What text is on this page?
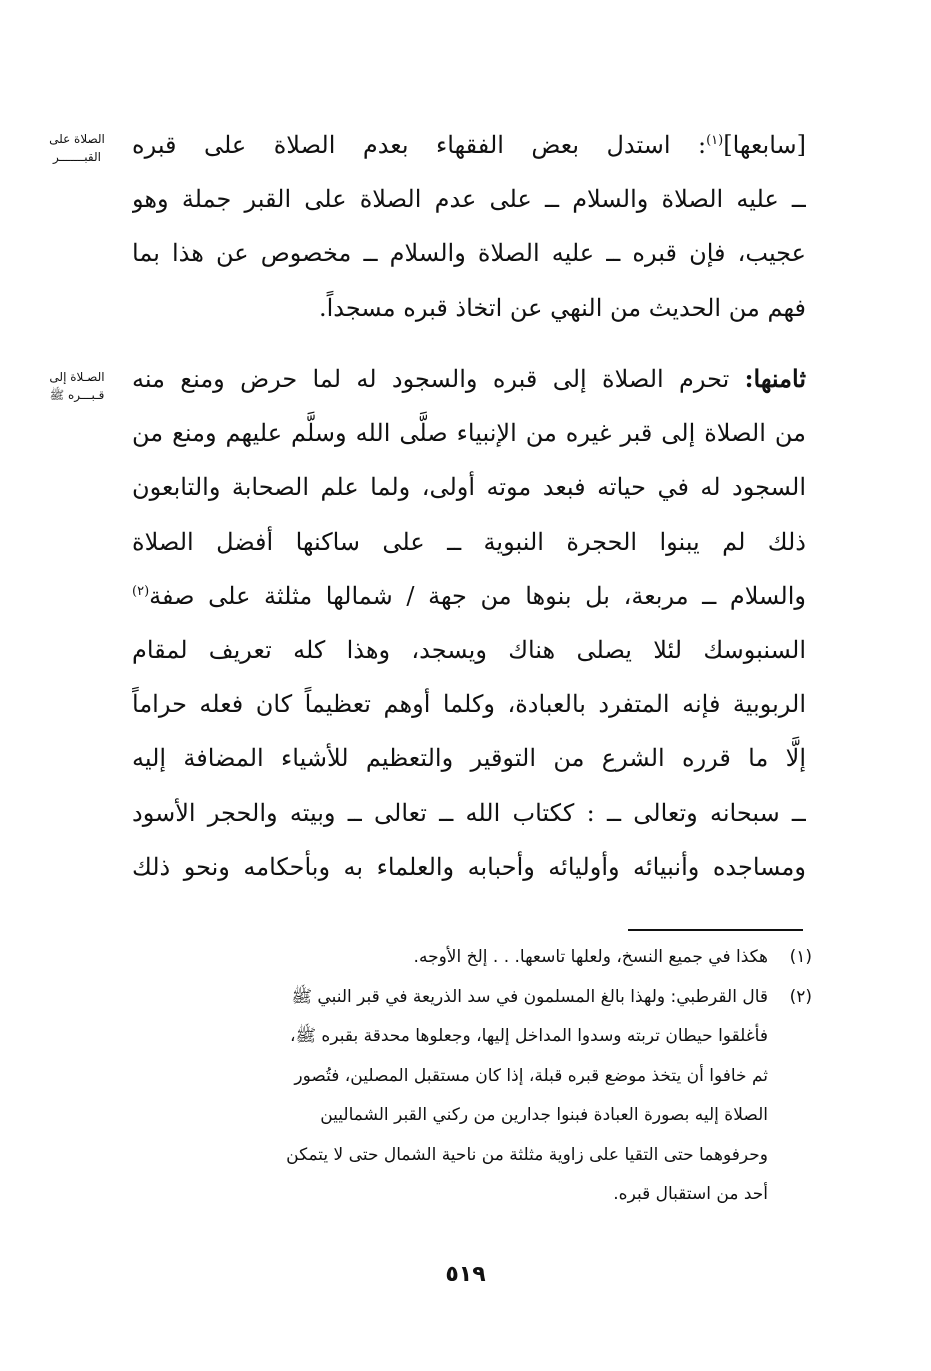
الصلاة على
القبـــــــر
الصـلاة إلى
قـبـــره ﷺ
[سابعها]$^{(١)}$: استدل بعض الفقهاء بعدم الصلاة على قبره
ــ عليه الصلاة والسلام ــ على عدم الصلاة على القبر جملة وهو
عجيب، فإن قبره ــ عليه الصلاة والسلام ــ مخصوص عن هذا بما
فهم من الحديث من النهي عن اتخاذ قبره مسجداً.
ثامنها: تحرم الصلاة إلى قبره والسجود له لما حرض ومنع منه
من الصلاة إلى قبر غيره من الإنبياء صلَّى الله وسلَّم عليهم ومنع من
السجود له في حياته فبعد موته أولى، ولما علم الصحابة والتابعون
ذلك لم يبنوا الحجرة النبوية ــ على ساكنها أفضل الصلاة
والسلام ــ مربعة، بل بنوها من جهة / شمالها مثلثة على صفة$^{(٢)}$
السنبوسك لئلا يصلى هناك ويسجد، وهذا كله تعريف لمقام
الربوبية فإنه المتفرد بالعبادة، وكلما أوهم تعظيماً كان فعله حراماً
إلَّا ما قرره الشرع من التوقير والتعظيم للأشياء المضافة إليه
ــ سبحانه وتعالى ــ : ككتاب الله ــ تعالى ــ وبيته والحجر الأسود
ومساجده وأنبيائه وأوليائه وأحبابه والعلماء به وبأحكامه ونحو ذلك
(١)
هكذا في جميع النسخ، ولعلها تاسعها. . . إلخ الأوجه.
(٢)
قال القرطبي: ولهذا بالغ المسلمون في سد الذريعة في قبر النبي ﷺ
فأغلقوا حيطان تربته وسدوا المداخل إليها، وجعلوها محدقة بقبره ﷺ،
ثم خافوا أن يتخذ موضع قبره قبلة، إذا كان مستقبل المصلين، فتُصور
الصلاة إليه بصورة العبادة فبنوا جدارين من ركني القبر الشماليين
وحرفوهما حتى التقيا على زاوية مثلثة من ناحية الشمال حتى لا يتمكن
أحد من استقبال قبره.
٥١٩
